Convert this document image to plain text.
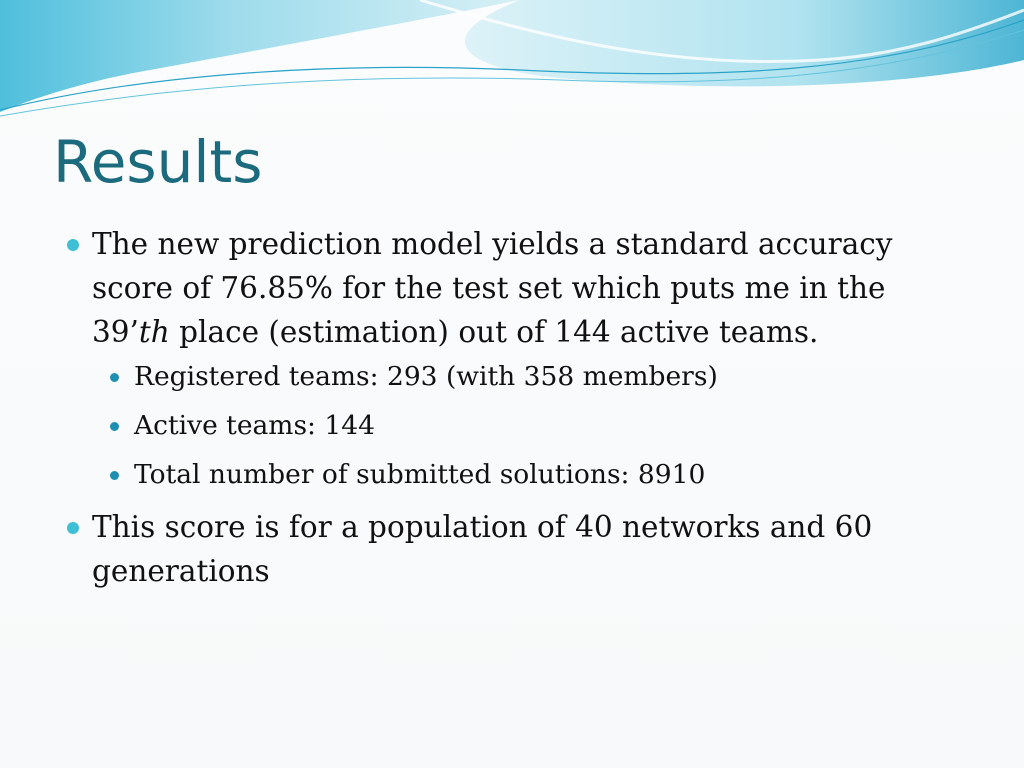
Results
The new prediction model yields a standard accuracy score of 76.85% for the test set which puts me in the 39’th place (estimation) out of 144 active teams.
Registered teams: 293 (with 358 members)
Active teams: 144
Total number of submitted solutions: 8910
This score is for a population of 40 networks and 60 generations
